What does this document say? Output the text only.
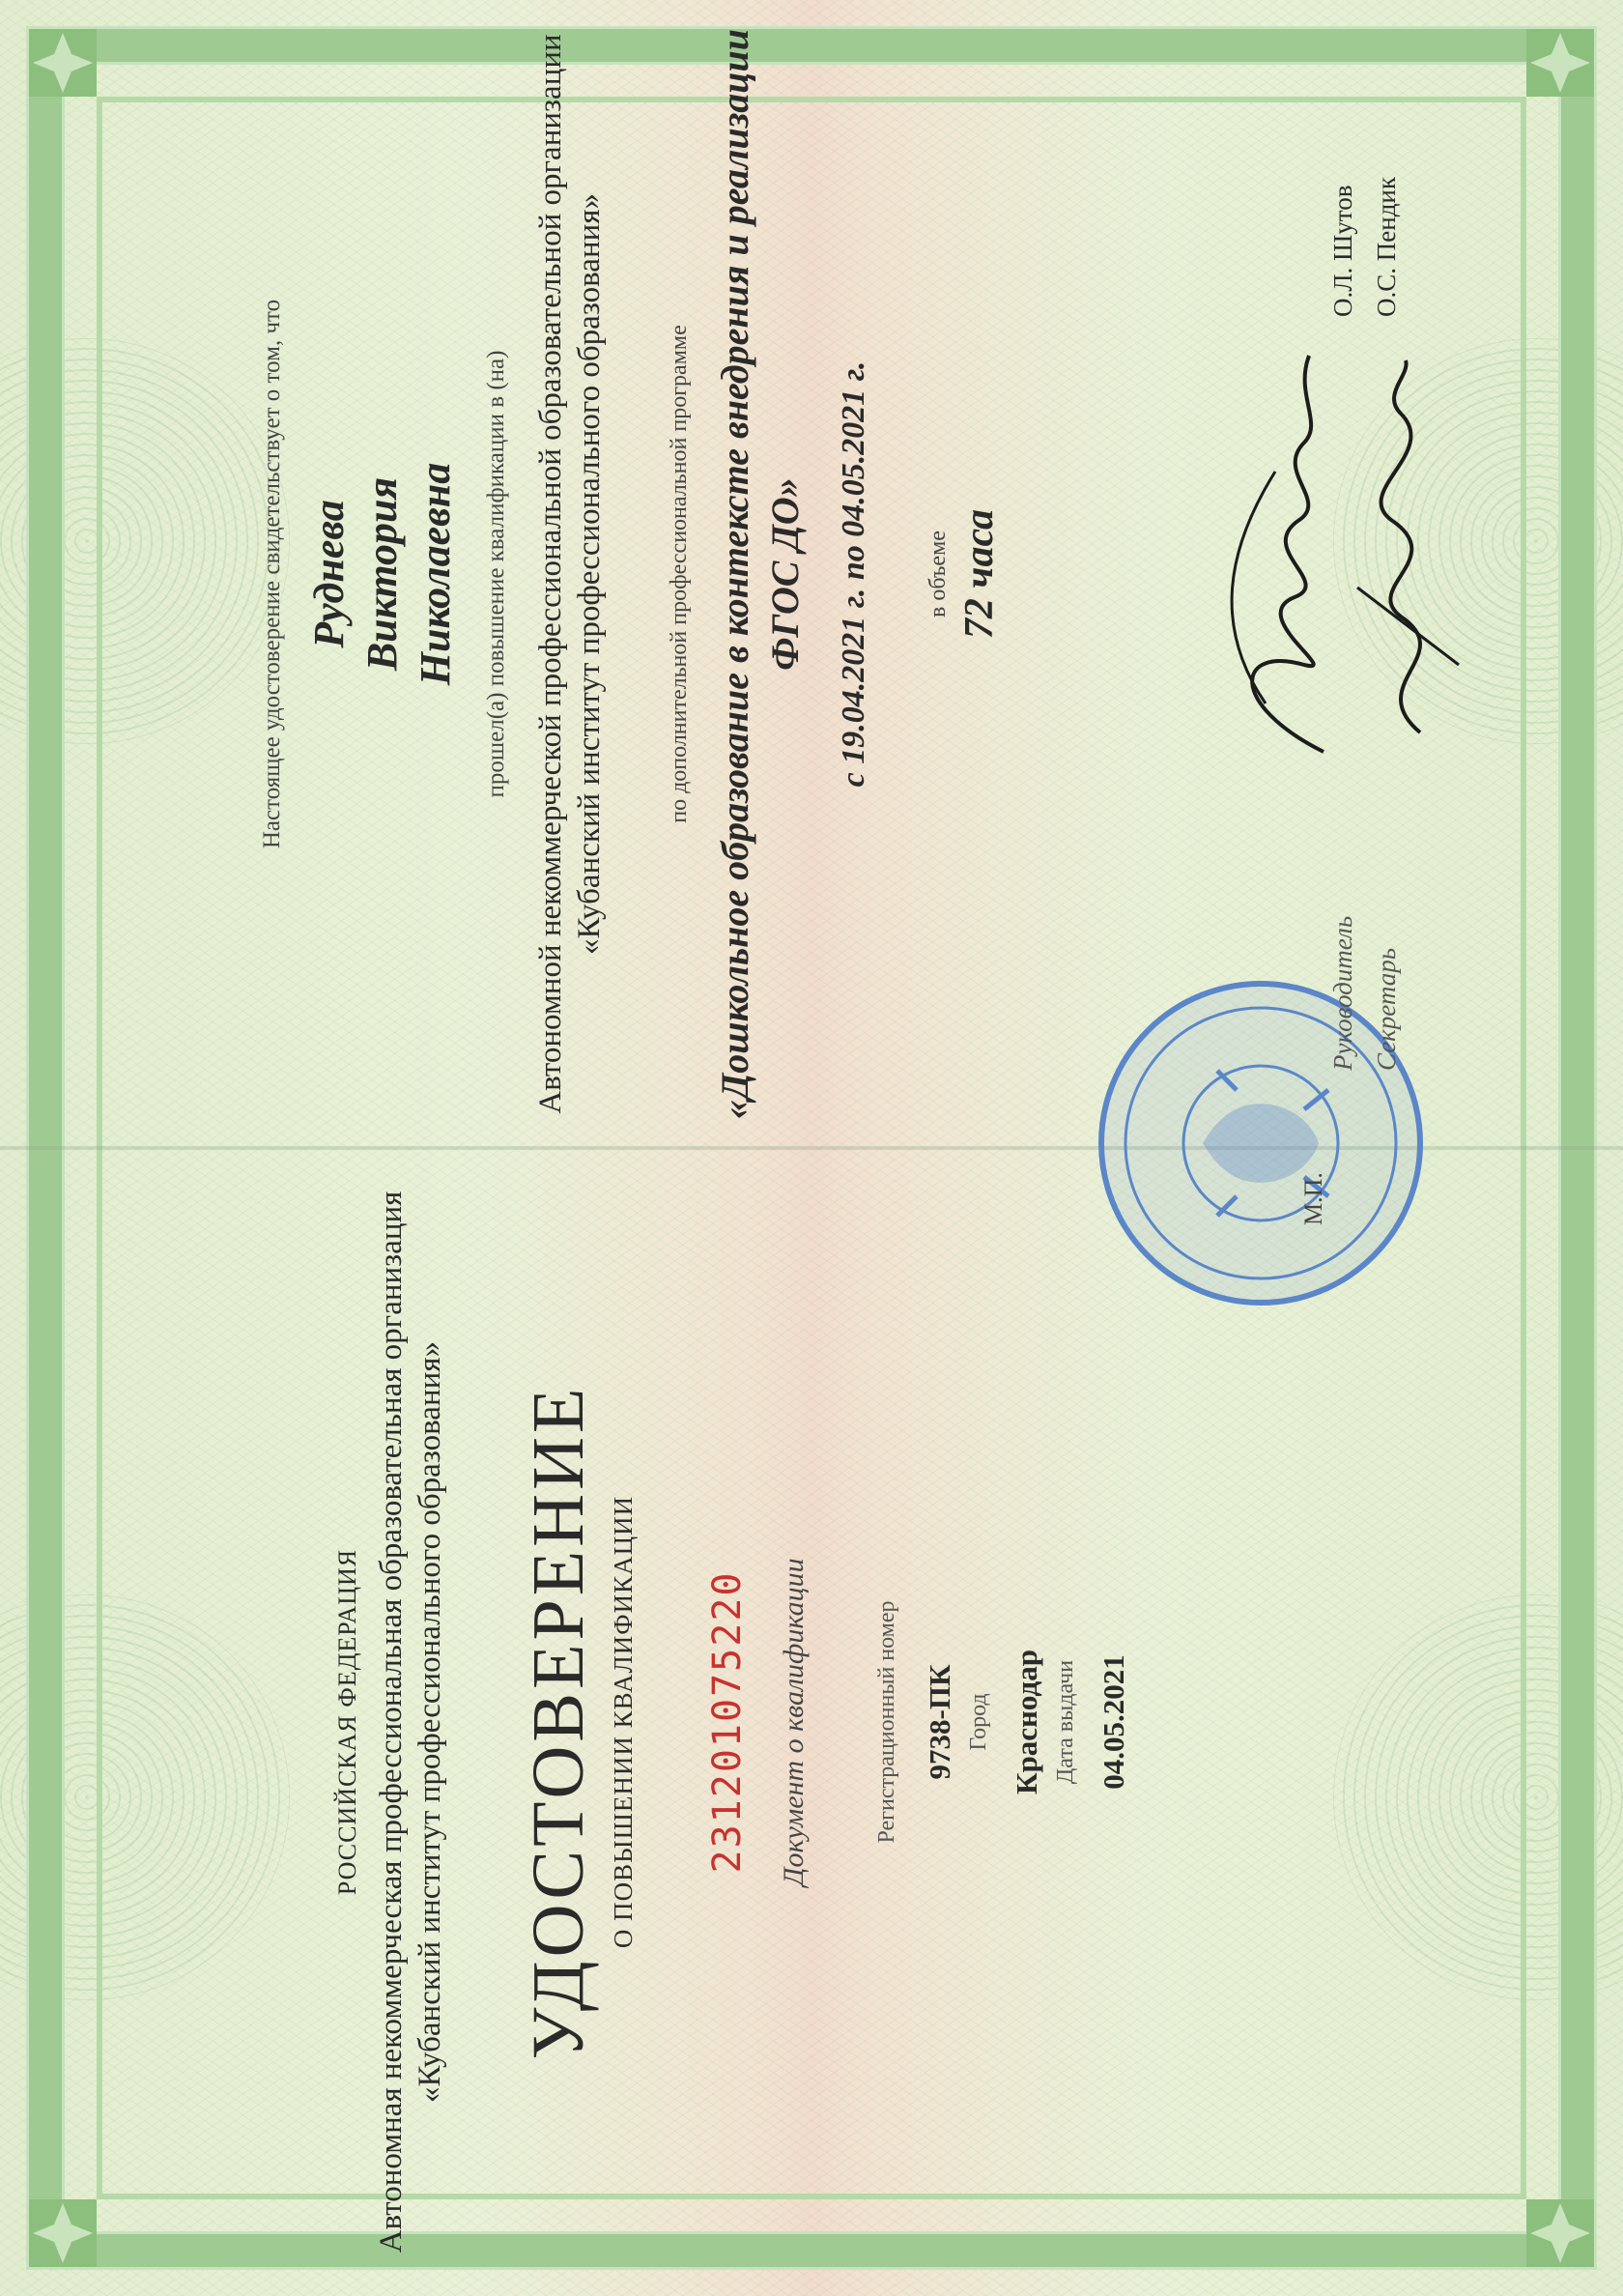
РОССИЙСКАЯ ФЕДЕРАЦИЯ Автономная некоммерческая профессиональная образовательная организация «Кубанский институт профессионального образования» УДОСТОВЕРЕНИЕ О ПОВЫШЕНИИ КВАЛИФИКАЦИИ 231201075220 Документ о квалификации	Регистрационный номер 9738-ПК Город Краснодар Дата выдачи 04.05.2021
Настоящее удостоверение свидетельствует о том, что Руднева Виктория Николаевна прошел(а) повышение квалификации в (на) Автономной некоммерческой профессиональной образовательной организации «Кубанский институт профессионального образования»	по дополнительной профессиональной программе «Дошкольное образование в контексте внедрения и реализации ФГОС ДО» с 19.04.2021 г. по 04.05.2021 г. в объеме 72 часа
М.П.
Руководитель Секретарь
О.Л. Шутов О.С. Пендик
